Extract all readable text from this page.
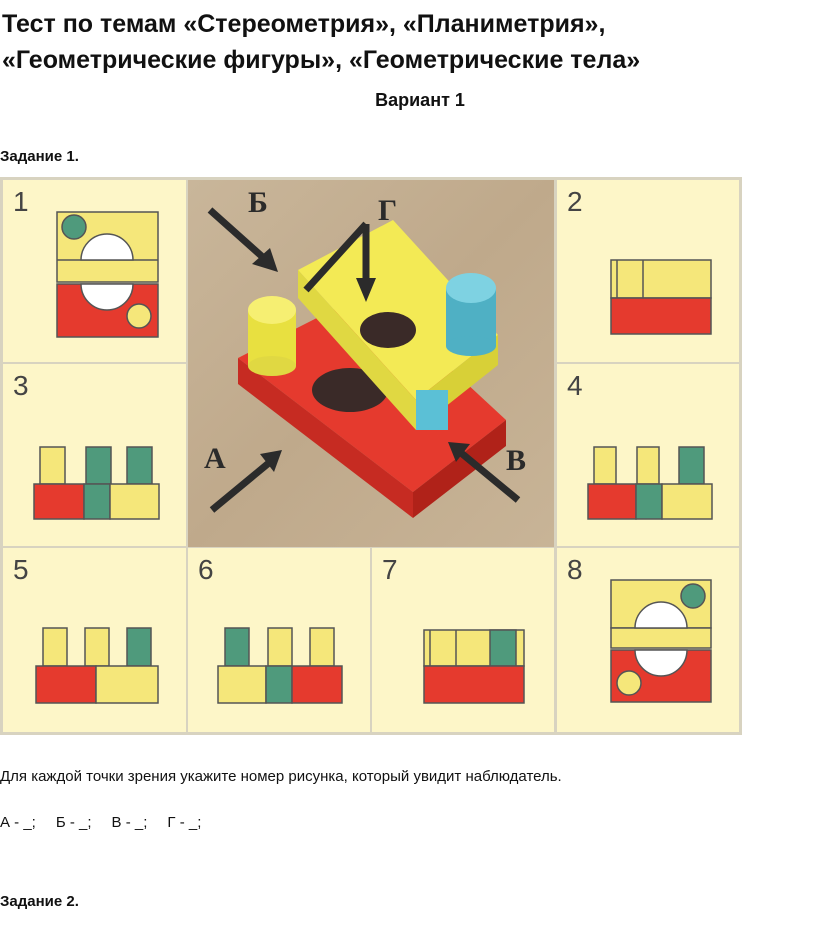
Тест по темам «Стереометрия», «Планиметрия», «Геометрические фигуры», «Геометрические тела»
Вариант 1
Задание 1.
1	Б	Г
А	В
2
3	4
5	6	7	8
Для каждой точки зрения укажите номер рисунка, который увидит наблюдатель.
А - _; Б - _; В - _; Г - _;
Задание 2.
